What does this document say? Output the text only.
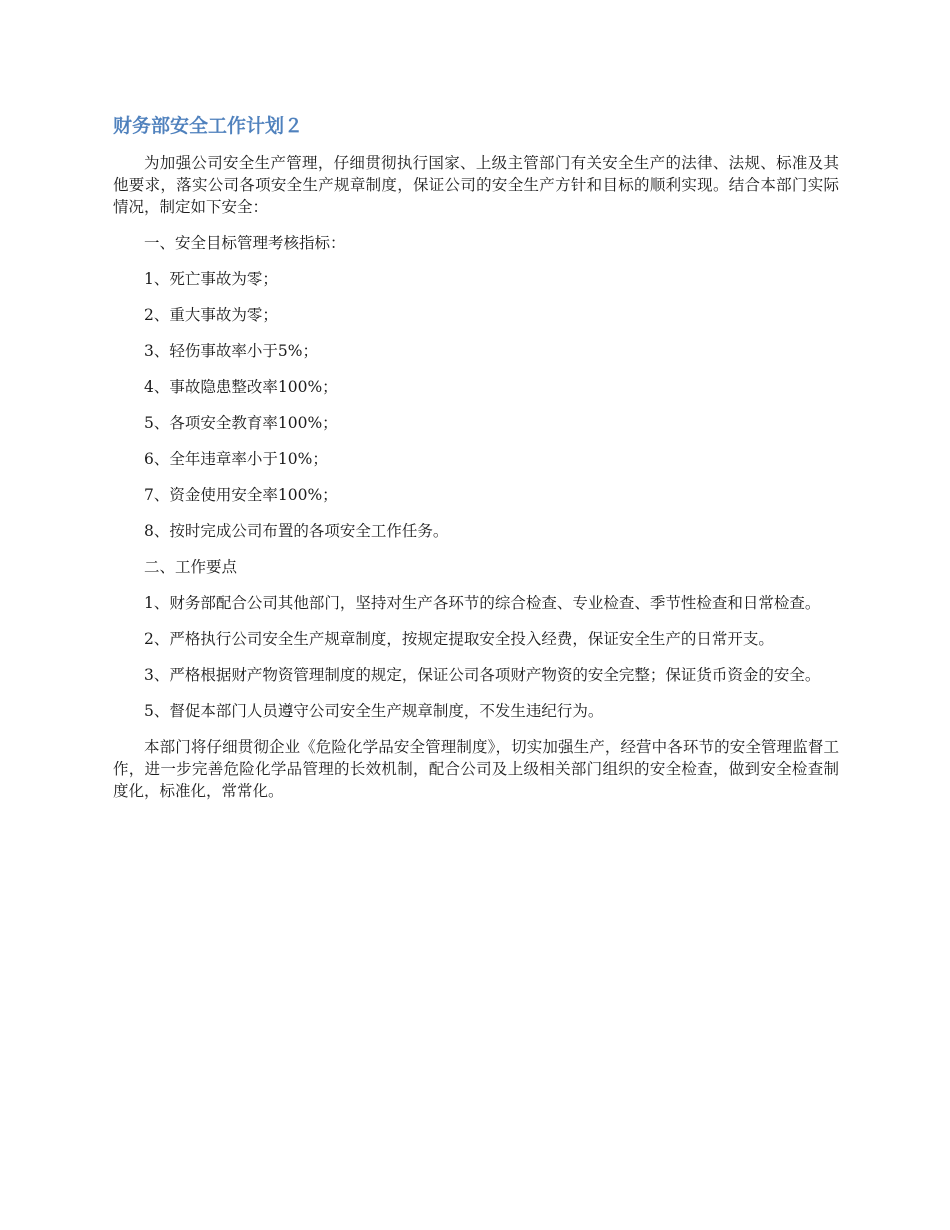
财务部安全工作计划２

为加强公司安全生产管理，仔细贯彻执行国家、上级主管部门有关安全生产的法律、法规、标准及其他要求，落实公司各项安全生产规章制度，保证公司的安全生产方针和目标的顺利实现。结合本部门实际情况，制定如下安全：

一、安全目标管理考核指标：

1、死亡事故为零；

2、重大事故为零；

3、轻伤事故率小于5%；

4、事故隐患整改率100%；

5、各项安全教育率100%；

6、全年违章率小于10%；

7、资金使用安全率100%；

8、按时完成公司布置的各项安全工作任务。

二、工作要点

1、财务部配合公司其他部门，坚持对生产各环节的综合检查、专业检查、季节性检查和日常检查。

2、严格执行公司安全生产规章制度，按规定提取安全投入经费，保证安全生产的日常开支。

3、严格根据财产物资管理制度的规定，保证公司各项财产物资的安全完整；保证货币资金的安全。

5、督促本部门人员遵守公司安全生产规章制度，不发生违纪行为。

本部门将仔细贯彻企业《危险化学品安全管理制度》，切实加强生产，经营中各环节的安全管理监督工作，进一步完善危险化学品管理的长效机制，配合公司及上级相关部门组织的安全检查，做到安全检查制度化，标准化，常常化。
